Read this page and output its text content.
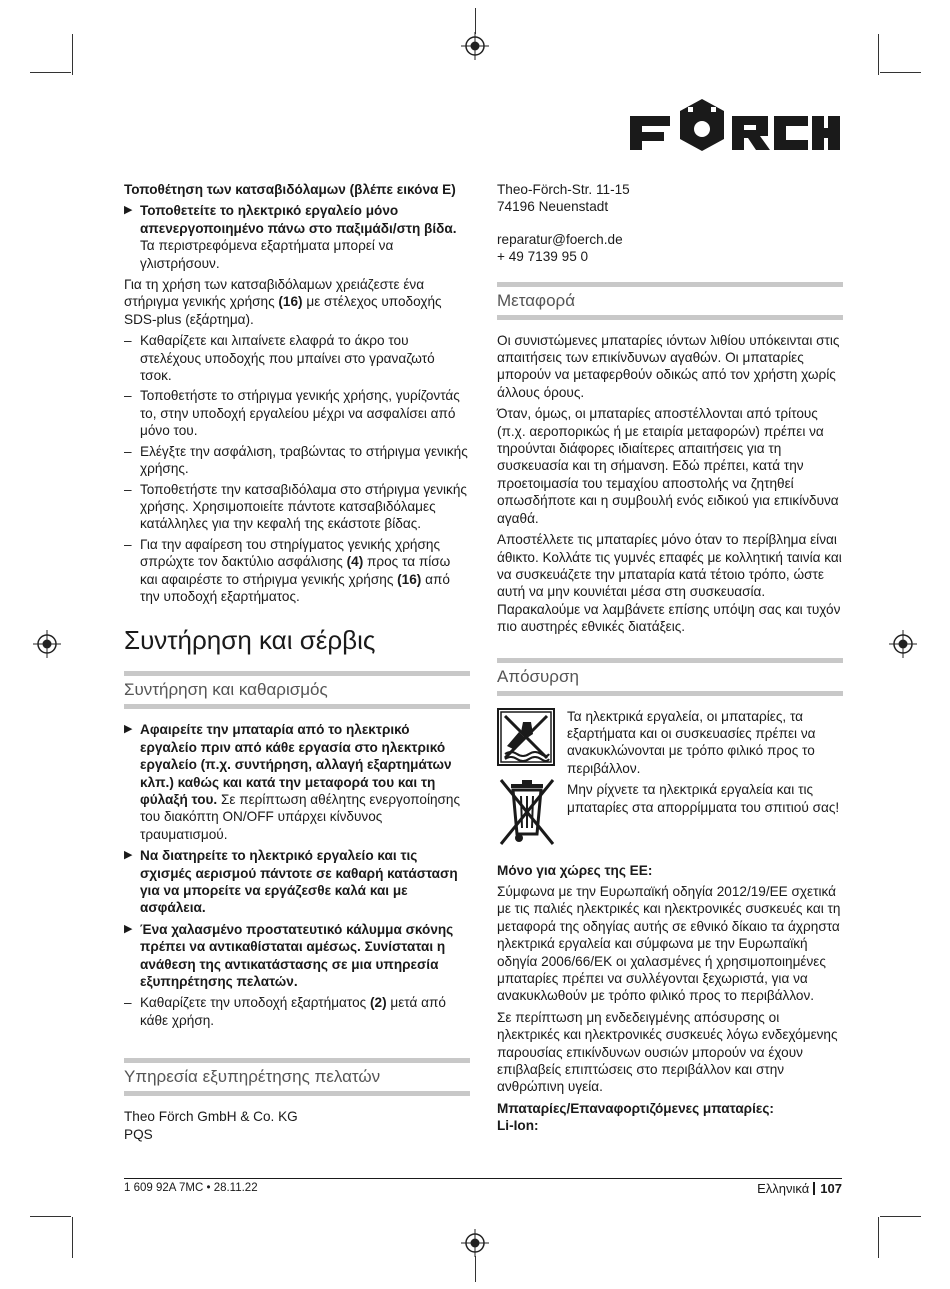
FÖRCH

Τοποθέτηση των κατσαβιδόλαμων (βλέπε εικόνα E)

▶ Τοποθετείτε το ηλεκτρικό εργαλείο μόνο απενεργοποιημένο πάνω στο παξιμάδι/στη βίδα. Τα περιστρεφόμενα εξαρτήματα μπορεί να γλιστρήσουν.

Για τη χρήση των κατσαβιδόλαμων χρειάζεστε ένα στήριγμα γενικής χρήσης (16) με στέλεχος υποδοχής SDS-plus (εξάρτημα).

– Καθαρίζετε και λιπαίνετε ελαφρά το άκρο του στελέχους υποδοχής που μπαίνει στο γραναζωτό τσοκ.
– Τοποθετήστε το στήριγμα γενικής χρήσης, γυρίζοντάς το, στην υποδοχή εργαλείου μέχρι να ασφαλίσει από μόνο του.
– Ελέγξτε την ασφάλιση, τραβώντας το στήριγμα γενικής χρήσης.
– Τοποθετήστε την κατσαβιδόλαμα στο στήριγμα γενικής χρήσης. Χρησιμοποιείτε πάντοτε κατσαβιδόλαμες κατάλληλες για την κεφαλή της εκάστοτε βίδας.
– Για την αφαίρεση του στηρίγματος γενικής χρήσης σπρώχτε τον δακτύλιο ασφάλισης (4) προς τα πίσω και αφαιρέστε το στήριγμα γενικής χρήσης (16) από την υποδοχή εξαρτήματος.
Συντήρηση και σέρβις
Συντήρηση και καθαρισμός
▶ Αφαιρείτε την μπαταρία από το ηλεκτρικό εργαλείο πριν από κάθε εργασία στο ηλεκτρικό εργαλείο (π.χ. συντήρηση, αλλαγή εξαρτημάτων κλπ.) καθώς και κατά την μεταφορά του και τη φύλαξή του. Σε περίπτωση αθέλητης ενεργοποίησης του διακόπτη ON/OFF υπάρχει κίνδυνος τραυματισμού.
▶ Να διατηρείτε το ηλεκτρικό εργαλείο και τις σχισμές αερισμού πάντοτε σε καθαρή κατάσταση για να μπορείτε να εργάζεσθε καλά και με ασφάλεια.
▶ Ένα χαλασμένο προστατευτικό κάλυμμα σκόνης πρέπει να αντικαθίσταται αμέσως. Συνίσταται η ανάθεση της αντικατάστασης σε μια υπηρεσία εξυπηρέτησης πελατών.
– Καθαρίζετε την υποδοχή εξαρτήματος (2) μετά από κάθε χρήση.
Υπηρεσία εξυπηρέτησης πελατών

Theo Förch GmbH & Co. KG

PQS

Theo-Förch-Str. 11-15

74196 Neuenstadt

reparatur@foerch.de

+ 49 7139 95 0

Μεταφορά

Οι συνιστώμενες μπαταρίες ιόντων λιθίου υπόκεινται στις απαιτήσεις των επικίνδυνων αγαθών. Οι μπαταρίες μπορούν να μεταφερθούν οδικώς από τον χρήστη χωρίς άλλους όρους.

Όταν, όμως, οι μπαταρίες αποστέλλονται από τρίτους (π.χ. αεροπορικώς ή με εταιρία μεταφορών) πρέπει να τηρούνται διάφορες ιδιαίτερες απαιτήσεις για τη συσκευασία και τη σήμανση. Εδώ πρέπει, κατά την προετοιμασία του τεμαχίου αποστολής να ζητηθεί οπωσδήποτε και η συμβουλή ενός ειδικού για επικίνδυνα αγαθά.

Αποστέλλετε τις μπαταρίες μόνο όταν το περίβλημα είναι άθικτο. Κολλάτε τις γυμνές επαφές με κολλητική ταινία και να συσκευάζετε την μπαταρία κατά τέτοιο τρόπο, ώστε αυτή να μην κουνιέται μέσα στη συσκευασία. Παρακαλούμε να λαμβάνετε επίσης υπόψη σας και τυχόν πιο αυστηρές εθνικές διατάξεις.

Απόσυρση

Τα ηλεκτρικά εργαλεία, οι μπαταρίες, τα εξαρτήματα και οι συσκευασίες πρέπει να ανακυκλώνονται με τρόπο φιλικό προς το περιβάλλον.

Μην ρίχνετε τα ηλεκτρικά εργαλεία και τις μπαταρίες στα απορρίμματα του σπιτιού σας!

Μόνο για χώρες της ΕΕ:

Σύμφωνα με την Ευρωπαϊκή οδηγία 2012/19/ΕΕ σχετικά με τις παλιές ηλεκτρικές και ηλεκτρονικές συσκευές και τη μεταφορά της οδηγίας αυτής σε εθνικό δίκαιο τα άχρηστα ηλεκτρικά εργαλεία και σύμφωνα με την Ευρωπαϊκή οδηγία 2006/66/ΕΚ οι χαλασμένες ή χρησιμοποιημένες μπαταρίες πρέπει να συλλέγονται ξεχωριστά, για να ανακυκλωθούν με τρόπο φιλικό προς το περιβάλλον.

Σε περίπτωση μη ενδεδειγμένης απόσυρσης οι ηλεκτρικές και ηλεκτρονικές συσκευές λόγω ενδεχόμενης παρουσίας επικίνδυνων ουσιών μπορούν να έχουν επιβλαβείς επιπτώσεις στο περιβάλλον και στην ανθρώπινη υγεία.

Μπαταρίες/Επαναφορτιζόμενες μπαταρίες:

Li-Ion:

1 609 92A 7MC • 28.11.22	Ελληνικά 107
